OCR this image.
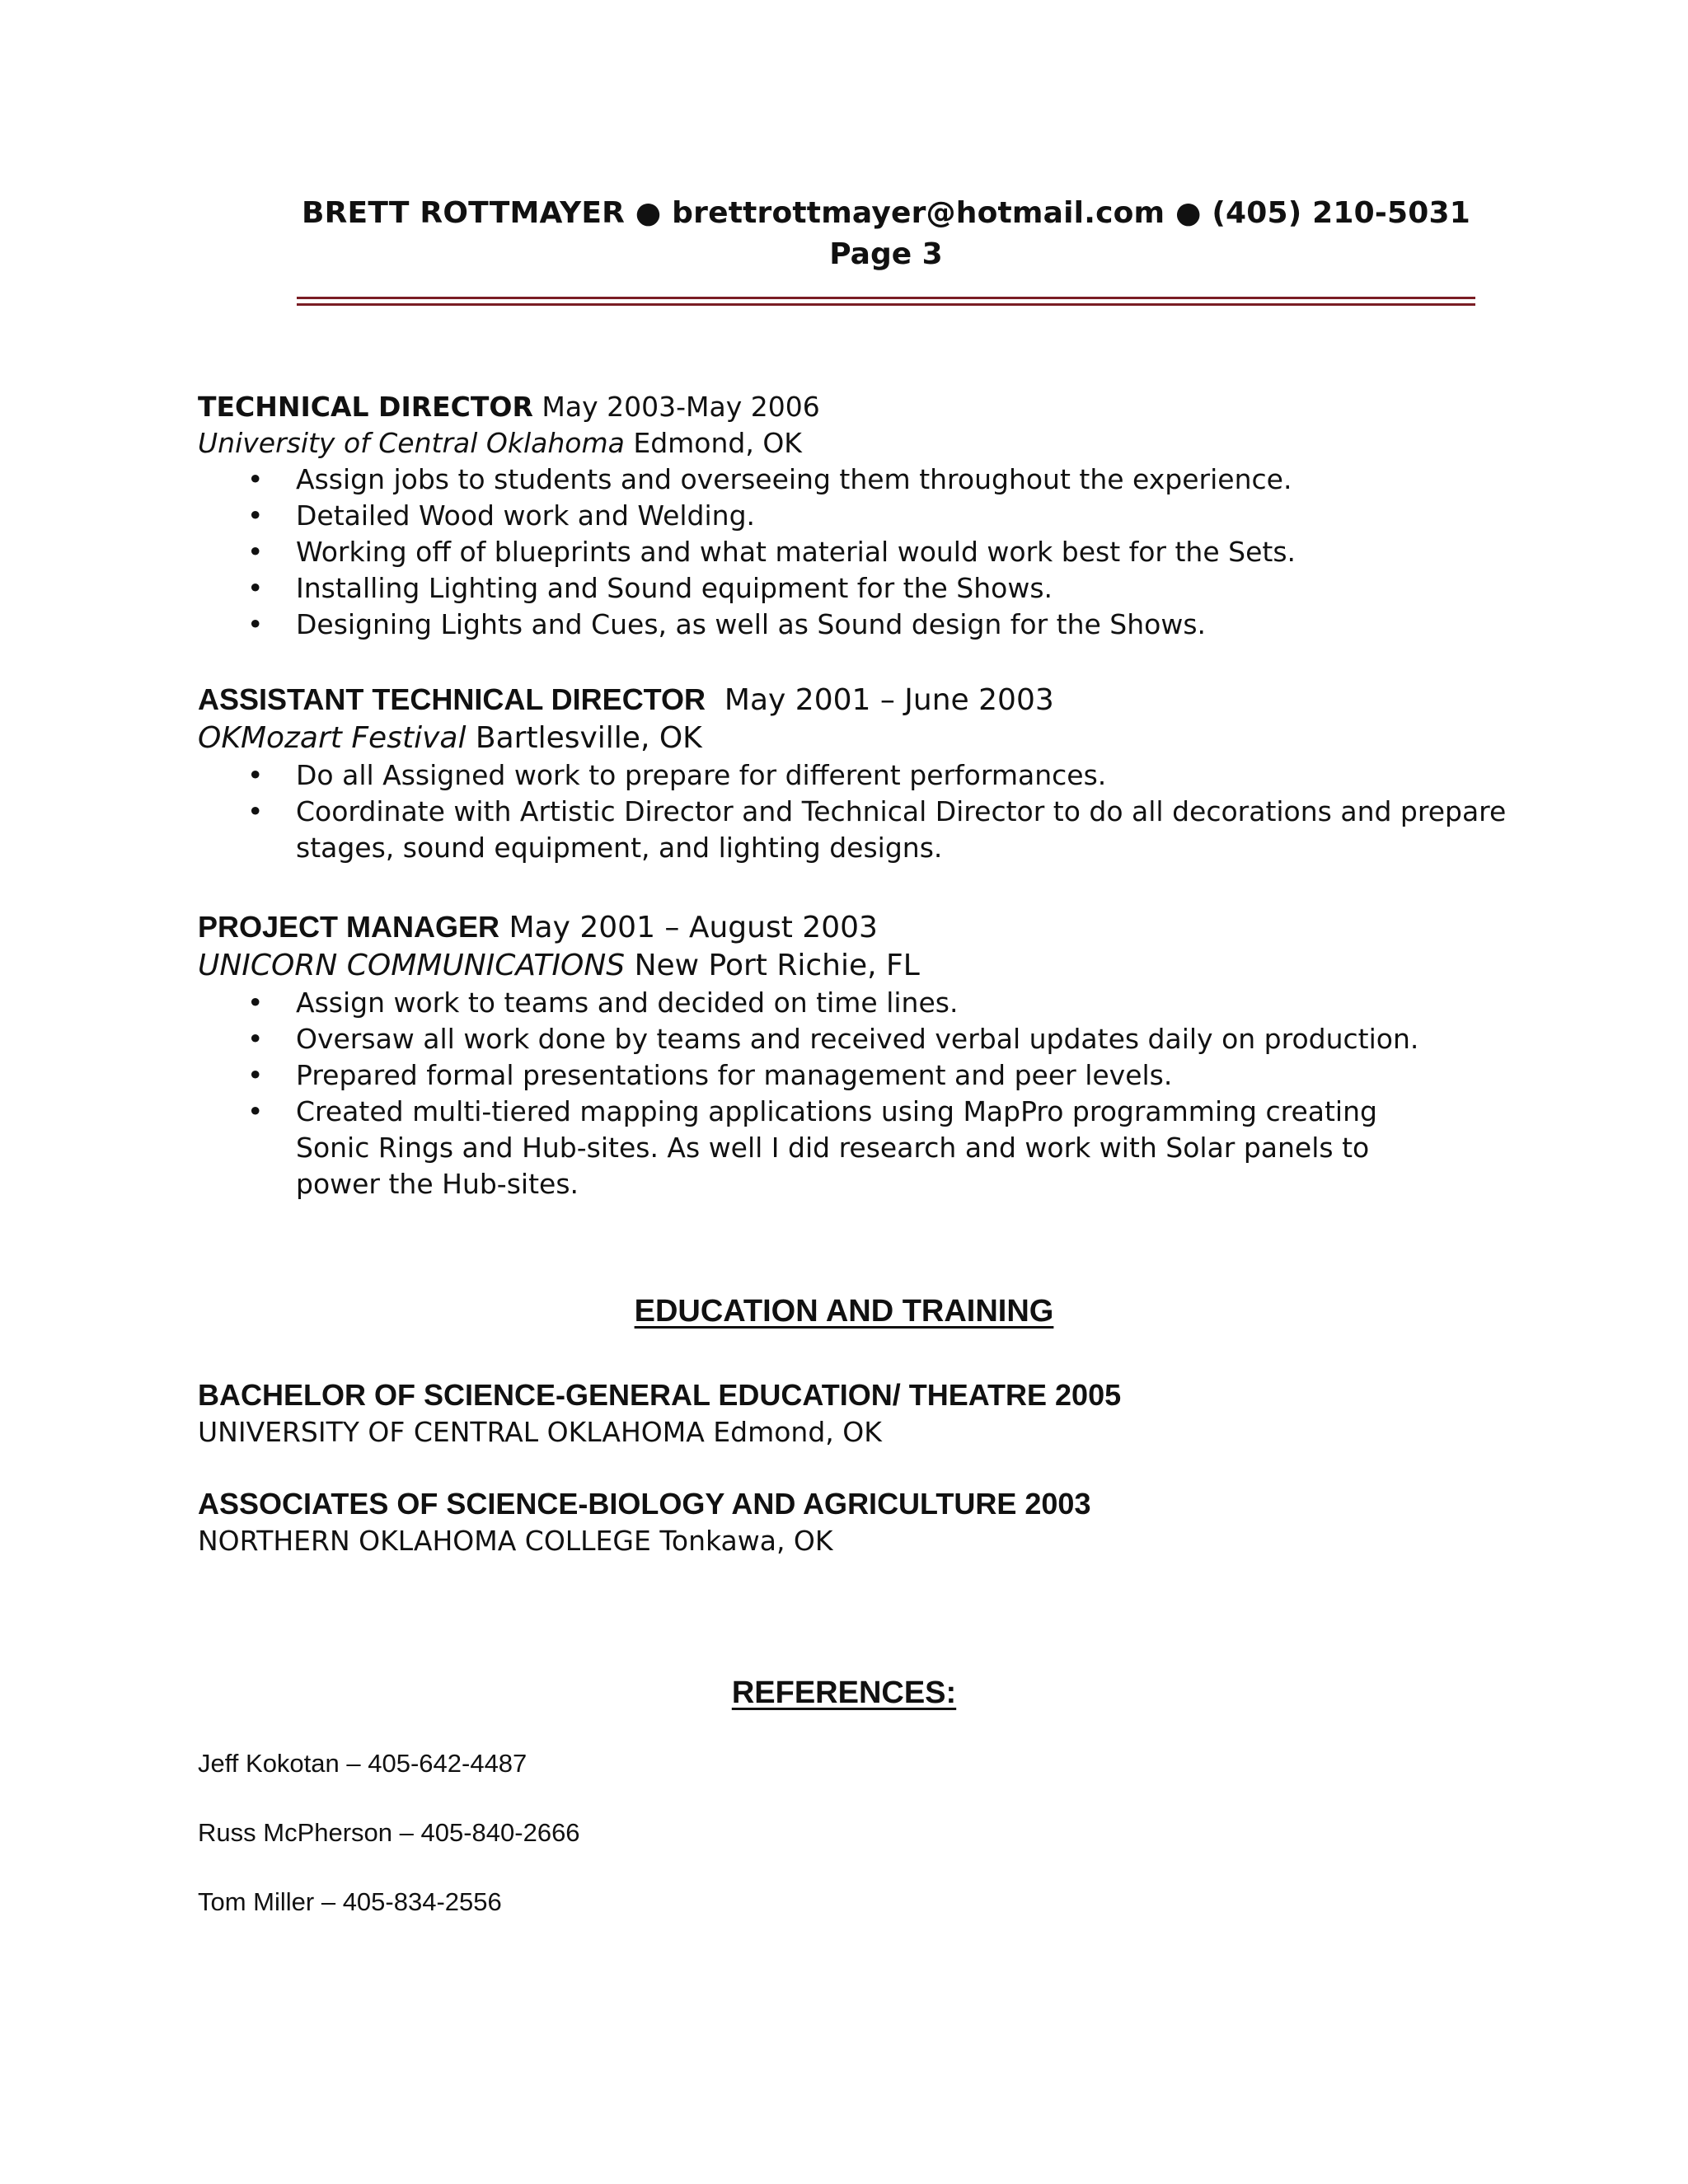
BRETT ROTTMAYER ● brettrottmayer@hotmail.com ● (405) 210-5031
Page 3
TECHNICAL DIRECTOR May 2003-May 2006
University of Central Oklahoma Edmond, OK
• Assign jobs to students and overseeing them throughout the experience.
• Detailed Wood work and Welding.
• Working off of blueprints and what material would work best for the Sets.
• Installing Lighting and Sound equipment for the Shows.
• Designing Lights and Cues, as well as Sound design for the Shows.
ASSISTANT TECHNICAL DIRECTOR May 2001 – June 2003
OKMozart Festival Bartlesville, OK
• Do all Assigned work to prepare for different performances.
• Coordinate with Artistic Director and Technical Director to do all decorations and prepare stages, sound equipment, and lighting designs.
PROJECT MANAGER May 2001 – August 2003
UNICORN COMMUNICATIONS New Port Richie, FL
• Assign work to teams and decided on time lines.
• Oversaw all work done by teams and received verbal updates daily on production.
• Prepared formal presentations for management and peer levels.
• Created multi-tiered mapping applications using MapPro programming creating Sonic Rings and Hub-sites. As well I did research and work with Solar panels to power the Hub-sites.
EDUCATION AND TRAINING
BACHELOR OF SCIENCE-GENERAL EDUCATION/ THEATRE 2005
UNIVERSITY OF CENTRAL OKLAHOMA Edmond, OK
ASSOCIATES OF SCIENCE-BIOLOGY AND AGRICULTURE 2003
NORTHERN OKLAHOMA COLLEGE Tonkawa, OK
REFERENCES:
Jeff Kokotan – 405-642-4487
Russ McPherson – 405-840-2666
Tom Miller – 405-834-2556
